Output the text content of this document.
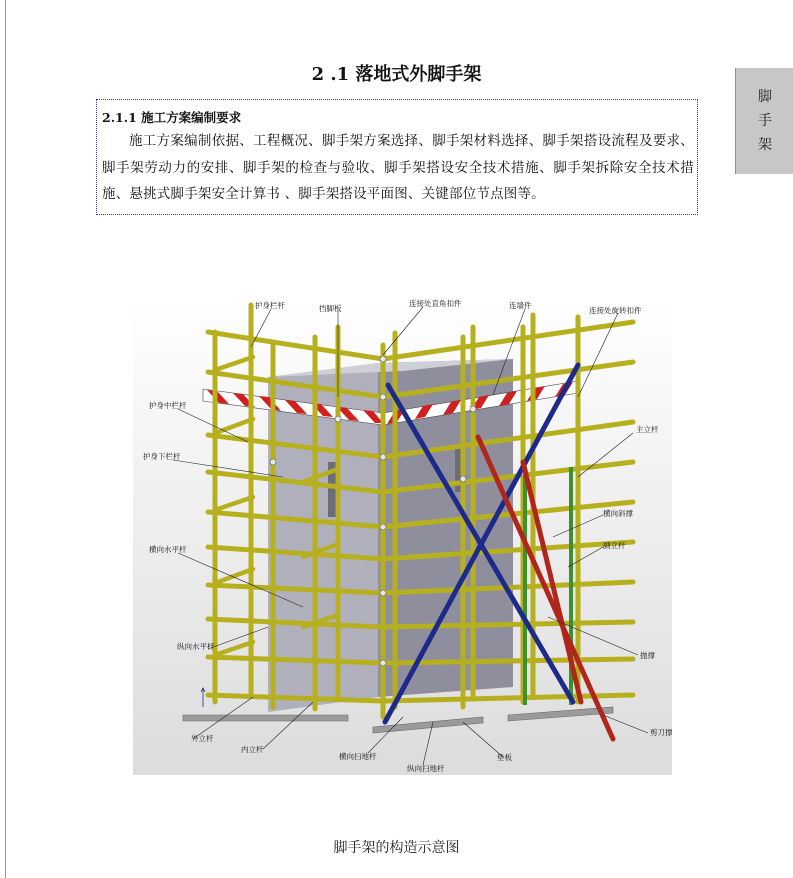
脚
手
架
2 .1 落地式外脚手架
2.1.1 施工方案编制要求
施工方案编制依据、工程概况、脚手架方案选择、脚手架材料选择、脚手架搭设流程及要求、脚手架劳动力的安排、脚手架的检查与验收、脚手架搭设安全技术措施、脚手架拆除安全技术措施、悬挑式脚手架安全计算书 、脚手架搭设平面图、关键部位节点图等。
护身栏杆	挡脚板
连接处直角扣件	连墙件
连接处旋转扣件
护身中栏杆
护身下栏杆
主立杆
横向斜撑
副立杆
横向水平杆
纵向水平杆
抛撑
外立杆
内立杆
横向扫地杆
纵向扫地杆
垫板
剪刀撑
脚手架的构造示意图
